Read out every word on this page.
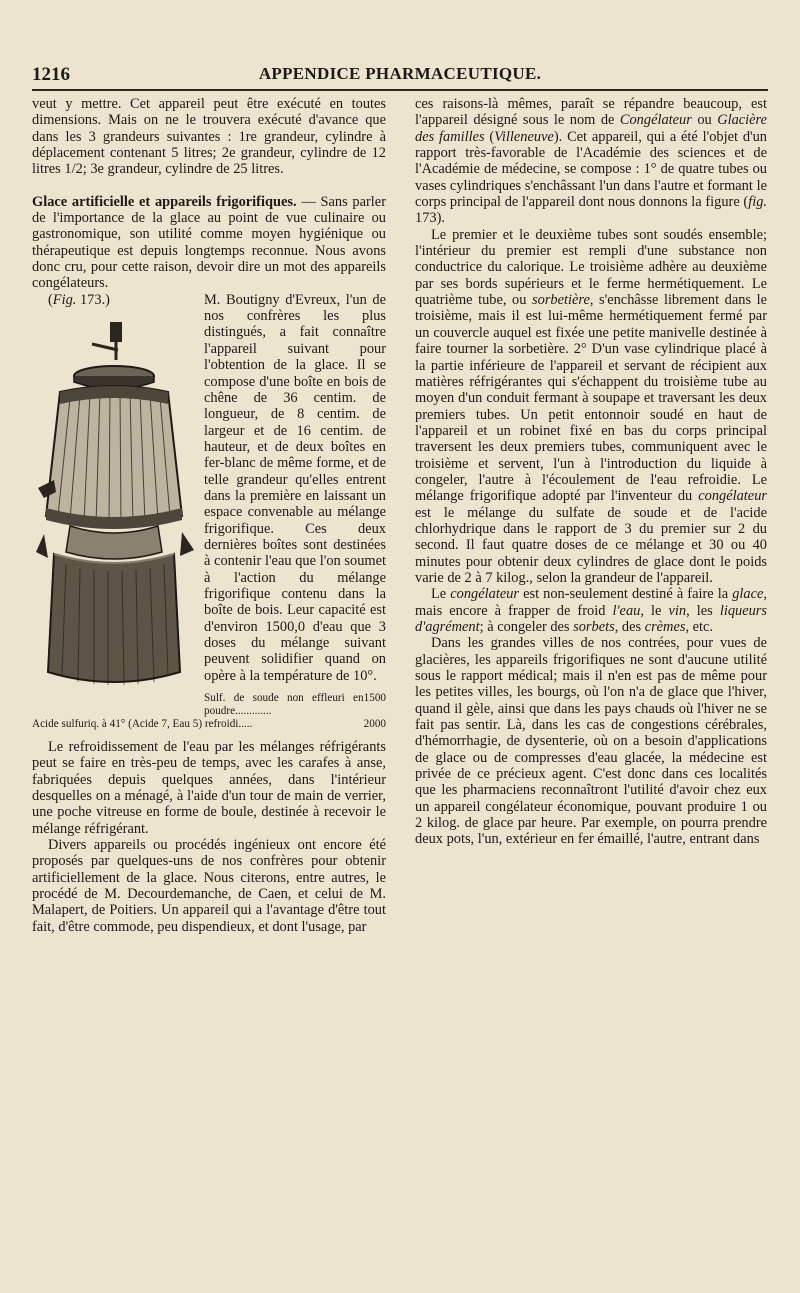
1216	APPENDICE PHARMACEUTIQUE.

veut y mettre. Cet appareil peut être exécuté en toutes dimensions. Mais on ne le trouvera exécuté d'avance que dans les 3 grandeurs suivantes : 1re grandeur, cylindre à déplacement contenant 5 litres; 2e grandeur, cylindre de 12 litres 1/2; 3e grandeur, cylindre de 25 litres.

Glace artificielle et appareils frigorifiques. — Sans parler de l'importance de la glace au point de vue culinaire ou gastronomique, son utilité comme moyen hygiénique ou thérapeutique est depuis longtemps reconnue. Nous avons donc cru, pour cette raison, devoir dire un mot des appareils congélateurs.

(Fig. 173.)	M. Boutigny d'Evreux, l'un de nos confrères les plus distingués, a fait connaître l'appareil suivant pour l'obtention de la glace. Il se compose d'une boîte en bois de chêne de 36 centim. de longueur, de 8 centim. de largeur et de 16 centim. de hauteur, et de deux boîtes en fer-blanc de même forme, et de telle grandeur qu'elles entrent dans la première en laissant un espace convenable au mélange frigorifique. Ces deux dernières boîtes sont destinées à contenir l'eau que l'on soumet à l'action du mélange frigorifique contenu dans la boîte de bois. Leur capacité est d'environ 1500,0 d'eau que 3 doses du mélange suivant peuvent solidifier quand on opère à la température de 10°.

Sulf. de soude non effleuri en poudre.............
1500
Acide sulfuriq. à 41° (Acide 7, Eau 5) refroidi.....	2000

Le refroidissement de l'eau par les mélanges réfrigérants peut se faire en très-peu de temps, avec les carafes à anse, fabriquées depuis quelques années, dans l'intérieur desquelles on a ménagé, à l'aide d'un tour de main de verrier, une poche vitreuse en forme de boule, destinée à recevoir le mélange réfrigérant.

Divers appareils ou procédés ingénieux ont encore été proposés par quelques-uns de nos confrères pour obtenir artificiellement de la glace. Nous citerons, entre autres, le procédé de M. Decourdemanche, de Caen, et celui de M. Malapert, de Poitiers. Un appareil qui a l'avantage d'être tout fait, d'être commode, peu dispendieux, et dont l'usage, par

ces raisons-là mêmes, paraît se répandre beaucoup, est l'appareil désigné sous le nom de Congélateur ou Glacière des familles (Villeneuve). Cet appareil, qui a été l'objet d'un rapport très-favorable de l'Académie des sciences et de l'Académie de médecine, se compose : 1° de quatre tubes ou vases cylindriques s'enchâssant l'un dans l'autre et formant le corps principal de l'appareil dont nous donnons la figure (fig. 173).

Le premier et le deuxième tubes sont soudés ensemble; l'intérieur du premier est rempli d'une substance non conductrice du calorique. Le troisième adhère au deuxième par ses bords supérieurs et le ferme hermétiquement. Le quatrième tube, ou sorbetière, s'enchâsse librement dans le troisième, mais il est lui-même hermétiquement fermé par un couvercle auquel est fixée une petite manivelle destinée à faire tourner la sorbetière. 2° D'un vase cylindrique placé à la partie inférieure de l'appareil et servant de récipient aux matières réfrigérantes qui s'échappent du troisième tube au moyen d'un conduit fermant à soupape et traversant les deux premiers tubes. Un petit entonnoir soudé en haut de l'appareil et un robinet fixé en bas du corps principal traversent les deux premiers tubes, communiquent avec le troisième et servent, l'un à l'introduction du liquide à congeler, l'autre à l'écoulement de l'eau refroidie. Le mélange frigorifique adopté par l'inventeur du congélateur est le mélange du sulfate de soude et de l'acide chlorhydrique dans le rapport de 3 du premier sur 2 du second. Il faut quatre doses de ce mélange et 30 ou 40 minutes pour obtenir deux cylindres de glace dont le poids varie de 2 à 7 kilog., selon la grandeur de l'appareil.

Le congélateur est non-seulement destiné à faire la glace, mais encore à frapper de froid l'eau, le vin, les liqueurs d'agrément; à congeler des sorbets, des crèmes, etc.

Dans les grandes villes de nos contrées, pour vues de glacières, les appareils frigorifiques ne sont d'aucune utilité sous le rapport médical; mais il n'en est pas de même pour les petites villes, les bourgs, où l'on n'a de glace que l'hiver, quand il gèle, ainsi que dans les pays chauds où l'hiver ne se fait pas sentir. Là, dans les cas de congestions cérébrales, d'hémorrhagie, de dysenterie, où on a besoin d'applications de glace ou de compresses d'eau glacée, la médecine est privée de ce précieux agent. C'est donc dans ces localités que les pharmaciens reconnaîtront l'utilité d'avoir chez eux un appareil congélateur économique, pouvant produire 1 ou 2 kilog. de glace par heure. Par exemple, on pourra prendre deux pots, l'un, extérieur en fer émaillé, l'autre, entrant dans
